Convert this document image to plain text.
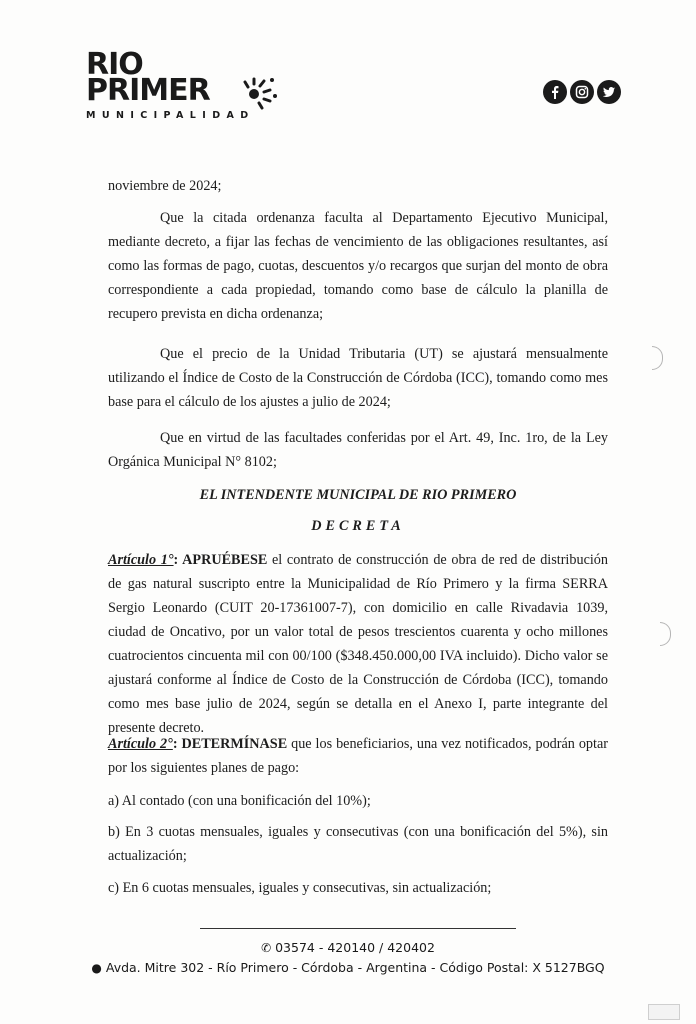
RIO
PRIMER
MUNICIPALIDAD
noviembre de 2024;
Que la citada ordenanza faculta al Departamento Ejecutivo Municipal, mediante decreto, a fijar las fechas de vencimiento de las obligaciones resultantes, así como las formas de pago, cuotas, descuentos y/o recargos que surjan del monto de obra correspondiente a cada propiedad, tomando como base de cálculo la planilla de recupero prevista en dicha ordenanza;
Que el precio de la Unidad Tributaria (UT) se ajustará mensualmente utilizando el Índice de Costo de la Construcción de Córdoba (ICC), tomando como mes base para el cálculo de los ajustes a julio de 2024;
Que en virtud de las facultades conferidas por el Art. 49, Inc. 1ro, de la Ley Orgánica Municipal N° 8102;
EL INTENDENTE MUNICIPAL DE RIO PRIMERO
DECRETA
Artículo 1°: APRUÉBESE el contrato de construcción de obra de red de distribución de gas natural suscripto entre la Municipalidad de Río Primero y la firma SERRA Sergio Leonardo (CUIT 20-17361007-7), con domicilio en calle Rivadavia 1039, ciudad de Oncativo, por un valor total de pesos trescientos cuarenta y ocho millones cuatrocientos cincuenta mil con 00/100 ($348.450.000,00 IVA incluido). Dicho valor se ajustará conforme al Índice de Costo de la Construcción de Córdoba (ICC), tomando como mes base julio de 2024, según se detalla en el Anexo I, parte integrante del presente decreto.
Artículo 2°: DETERMÍNASE que los beneficiarios, una vez notificados, podrán optar por los siguientes planes de pago:
a) Al contado (con una bonificación del 10%);
b) En 3 cuotas mensuales, iguales y consecutivas (con una bonificación del 5%), sin actualización;
c) En 6 cuotas mensuales, iguales y consecutivas, sin actualización;
✆ 03574 - 420140 / 420402
● Avda. Mitre 302 - Río Primero - Córdoba - Argentina - Código Postal: X 5127BGQ
